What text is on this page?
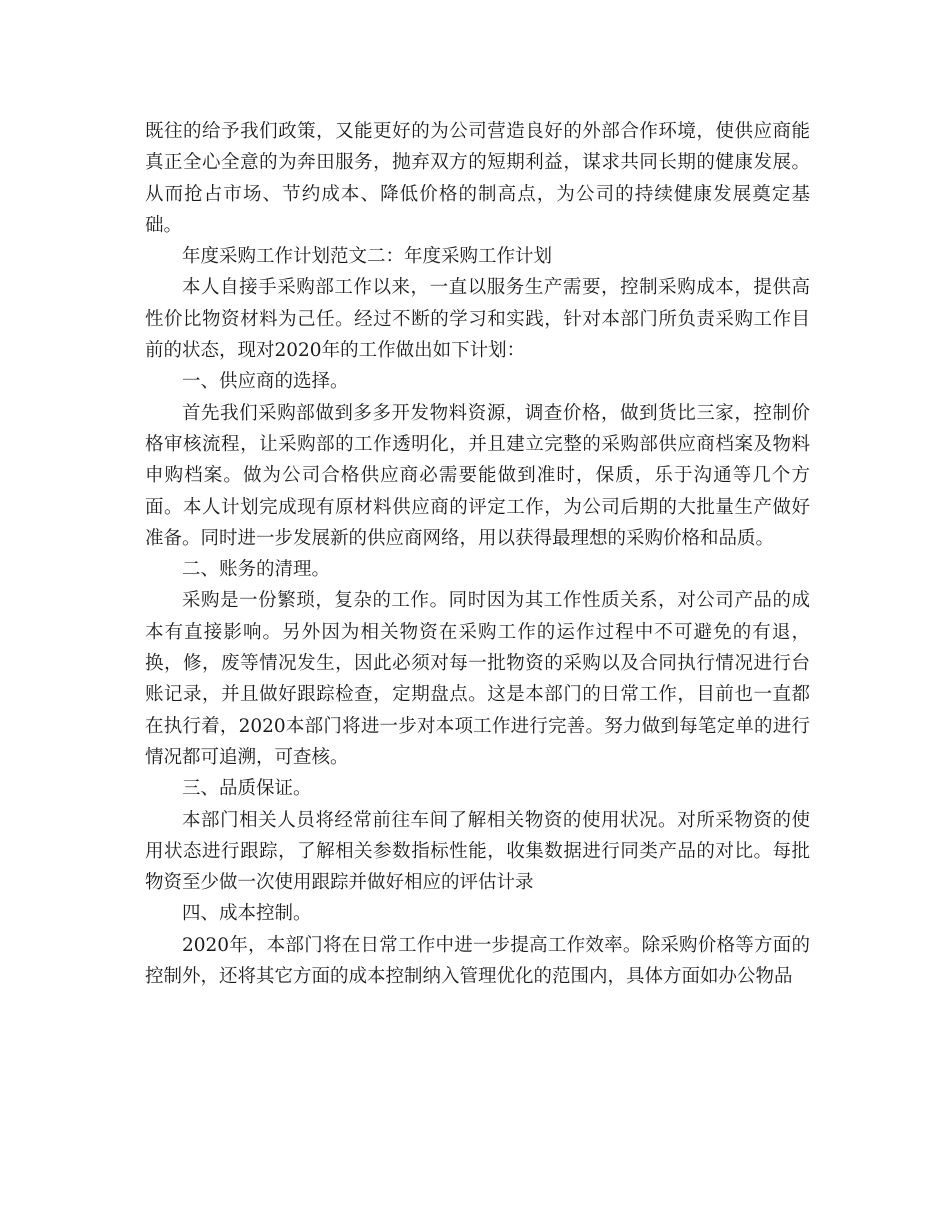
既往的给予我们政策，又能更好的为公司营造良好的外部合作环境，使供应商能真正全心全意的为奔田服务，抛弃双方的短期利益，谋求共同长期的健康发展。从而抢占市场、节约成本、降低价格的制高点，为公司的持续健康发展奠定基础。

年度采购工作计划范文二：年度采购工作计划

本人自接手采购部工作以来，一直以服务生产需要，控制采购成本，提供高性价比物资材料为己任。经过不断的学习和实践，针对本部门所负责采购工作目前的状态，现对2020年的工作做出如下计划：

一、供应商的选择。

首先我们采购部做到多多开发物料资源，调查价格，做到货比三家，控制价格审核流程，让采购部的工作透明化，并且建立完整的采购部供应商档案及物料申购档案。做为公司合格供应商必需要能做到准时，保质，乐于沟通等几个方面。本人计划完成现有原材料供应商的评定工作，为公司后期的大批量生产做好准备。同时进一步发展新的供应商网络，用以获得最理想的采购价格和品质。

二、账务的清理。

采购是一份繁琐，复杂的工作。同时因为其工作性质关系，对公司产品的成本有直接影响。另外因为相关物资在采购工作的运作过程中不可避免的有退，换，修，废等情况发生，因此必须对每一批物资的采购以及合同执行情况进行台账记录，并且做好跟踪检查，定期盘点。这是本部门的日常工作，目前也一直都在执行着，2020本部门将进一步对本项工作进行完善。努力做到每笔定单的进行情况都可追溯，可查核。

三、品质保证。

本部门相关人员将经常前往车间了解相关物资的使用状况。对所采物资的使用状态进行跟踪，了解相关参数指标性能，收集数据进行同类产品的对比。每批物资至少做一次使用跟踪并做好相应的评估计录

四、成本控制。

2020年，本部门将在日常工作中进一步提高工作效率。除采购价格等方面的控制外，还将其它方面的成本控制纳入管理优化的范围内，具体方面如办公物品
